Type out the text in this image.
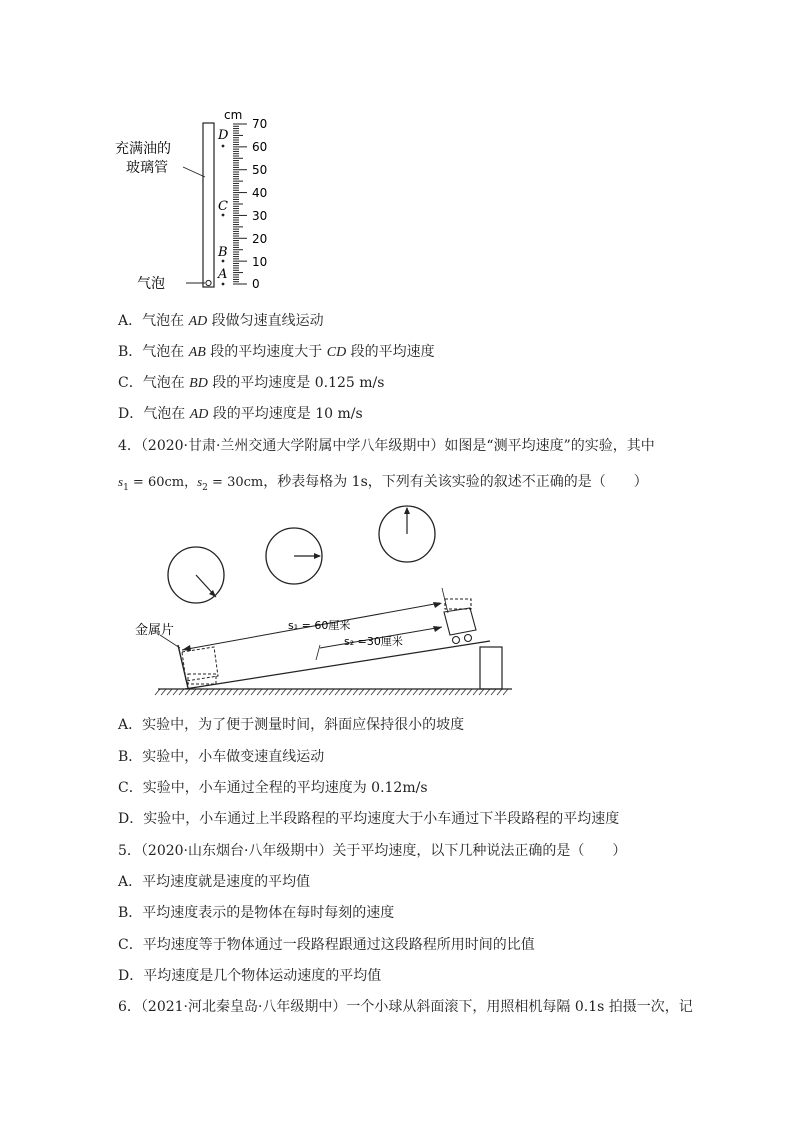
D
C
B
A
cm
70
60
50
40
30
20
10
0
充满油的
玻璃管
气泡
A．气泡在 AD 段做匀速直线运动
B．气泡在 AB 段的平均速度大于 CD 段的平均速度
C．气泡在 BD 段的平均速度是 0.125 m/s
D．气泡在 AD 段的平均速度是 10 m/s
4．（2020·甘肃·兰州交通大学附属中学八年级期中）如图是“测平均速度”的实验，其中
$s_1 = 60cm$，$s_2 = 30cm$，秒表每格为 1s，下列有关该实验的叙述不正确的是（　　）
金属片	s₁ = 60厘米
s₂ =30厘米
A．实验中，为了便于测量时间，斜面应保持很小的坡度
B．实验中，小车做变速直线运动
C．实验中，小车通过全程的平均速度为 0.12m/s
D．实验中，小车通过上半段路程的平均速度大于小车通过下半段路程的平均速度
5．（2020·山东烟台·八年级期中）关于平均速度，以下几种说法正确的是（　　）
A．平均速度就是速度的平均值
B．平均速度表示的是物体在每时每刻的速度
C．平均速度等于物体通过一段路程跟通过这段路程所用时间的比值
D．平均速度是几个物体运动速度的平均值
6．（2021·河北秦皇岛·八年级期中）一个小球从斜面滚下，用照相机每隔 0.1s 拍摄一次，记
